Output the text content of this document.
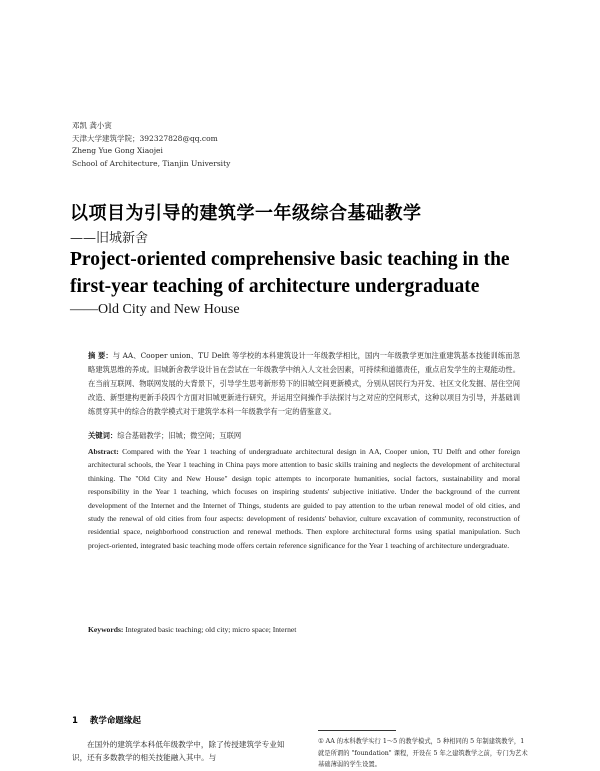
邓凯 龚小寅
天津大学建筑学院；392327828@qq.com
Zheng Yue Gong Xiaojei
School of Architecture, Tianjin University
以项目为引导的建筑学一年级综合基础教学
——旧城新舍
Project-oriented comprehensive basic teaching in the first-year teaching of architecture undergraduate
——Old City and New House
摘 要：与 AA、Cooper union、TU Delft 等学校的本科建筑设计一年级教学相比，国内一年级教学更加注重建筑基本技能训练而忽略建筑思维的养成。旧城新舍教学设计旨在尝试在一年级教学中纳入人文社会因素，可持续和道德责任，重点启发学生的主观能动性。在当前互联网、物联网发展的大背景下，引导学生思考新形势下的旧城空间更新模式，分别从居民行为开发、社区文化发掘、居住空间改造、新型建构更新手段四个方面对旧城更新进行研究，并运用空间操作手法探讨与之对应的空间形式，这种以项目为引导，并基础训练贯穿其中的综合的教学模式对于建筑学本科一年级教学有一定的借鉴意义。
关键词：综合基础教学；旧城；微空间；互联网
Abstract: Compared with the Year 1 teaching of undergraduate architectural design in AA, Cooper union, TU Delft and other foreign architectural schools, the Year 1 teaching in China pays more attention to basic skills training and neglects the development of architectural thinking. The "Old City and New House" design topic attempts to incorporate humanities, social factors, sustainability and moral responsibility in the Year 1 teaching, which focuses on inspiring students' subjective initiative. Under the background of the current development of the Internet and the Internet of Things, students are guided to pay attention to the urban renewal model of old cities, and study the renewal of old cities from four aspects: development of residents' behavior, culture excavation of community, reconstruction of residential space, neighborhood construction and renewal methods. Then explore architectural forms using spatial manipulation. Such project-oriented, integrated basic teaching mode offers certain reference significance for the Year 1 teaching of architecture undergraduate.
Keywords: Integrated basic teaching; old city; micro space; Internet
1 教学命题缘起
在国外的建筑学本科低年级教学中，除了传授建筑学专业知识，还有多数教学的相关技能融入其中。与
① AA 的本科教学实行 1～5 的教学模式，5 种相同的 5 年制建筑教学，1 就是所谓的 "foundation" 课程，开设在 5 年之建筑教学之前，专门为艺术基础薄弱的学生设置。
